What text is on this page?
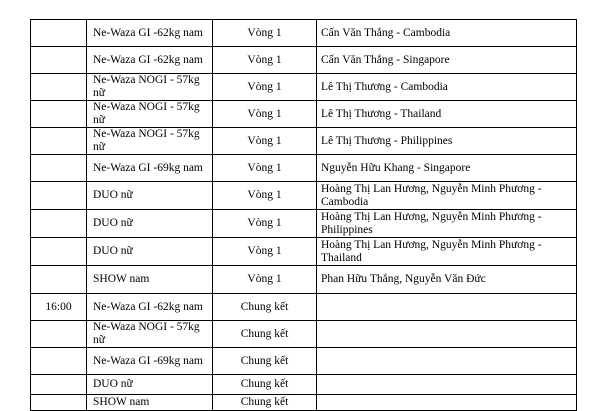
	Ne-Waza GI -62kg nam	Vòng 1	Cấn Văn Thắng - Cambodia
	Ne-Waza GI -62kg nam	Vòng 1	Cấn Văn Thắng - Singapore
	Ne-Waza NOGI - 57kg nữ	Vòng 1	Lê Thị Thương - Cambodia
	Ne-Waza NOGI - 57kg nữ	Vòng 1	Lê Thị Thương - Thailand
	Ne-Waza NOGI - 57kg nữ	Vòng 1	Lê Thị Thương - Philippines
	Ne-Waza GI -69kg nam	Vòng 1	Nguyễn Hữu Khang - Singapore
	DUO nữ	Vòng 1	Hoàng Thị Lan Hương, Nguyễn Minh Phương - Cambodia
	DUO nữ	Vòng 1	Hoàng Thị Lan Hương, Nguyễn Minh Phương - Philippines
	DUO nữ	Vòng 1	Hoàng Thị Lan Hương, Nguyễn Minh Phương - Thailand
	SHOW nam	Vòng 1	Phan Hữu Thắng, Nguyễn Văn Đức
16:00	Ne-Waza GI -62kg nam	Chung kết	
	Ne-Waza NOGI - 57kg nữ	Chung kết	
	Ne-Waza GI -69kg nam	Chung kết	
	DUO nữ	Chung kết	
	SHOW nam	Chung kết	
